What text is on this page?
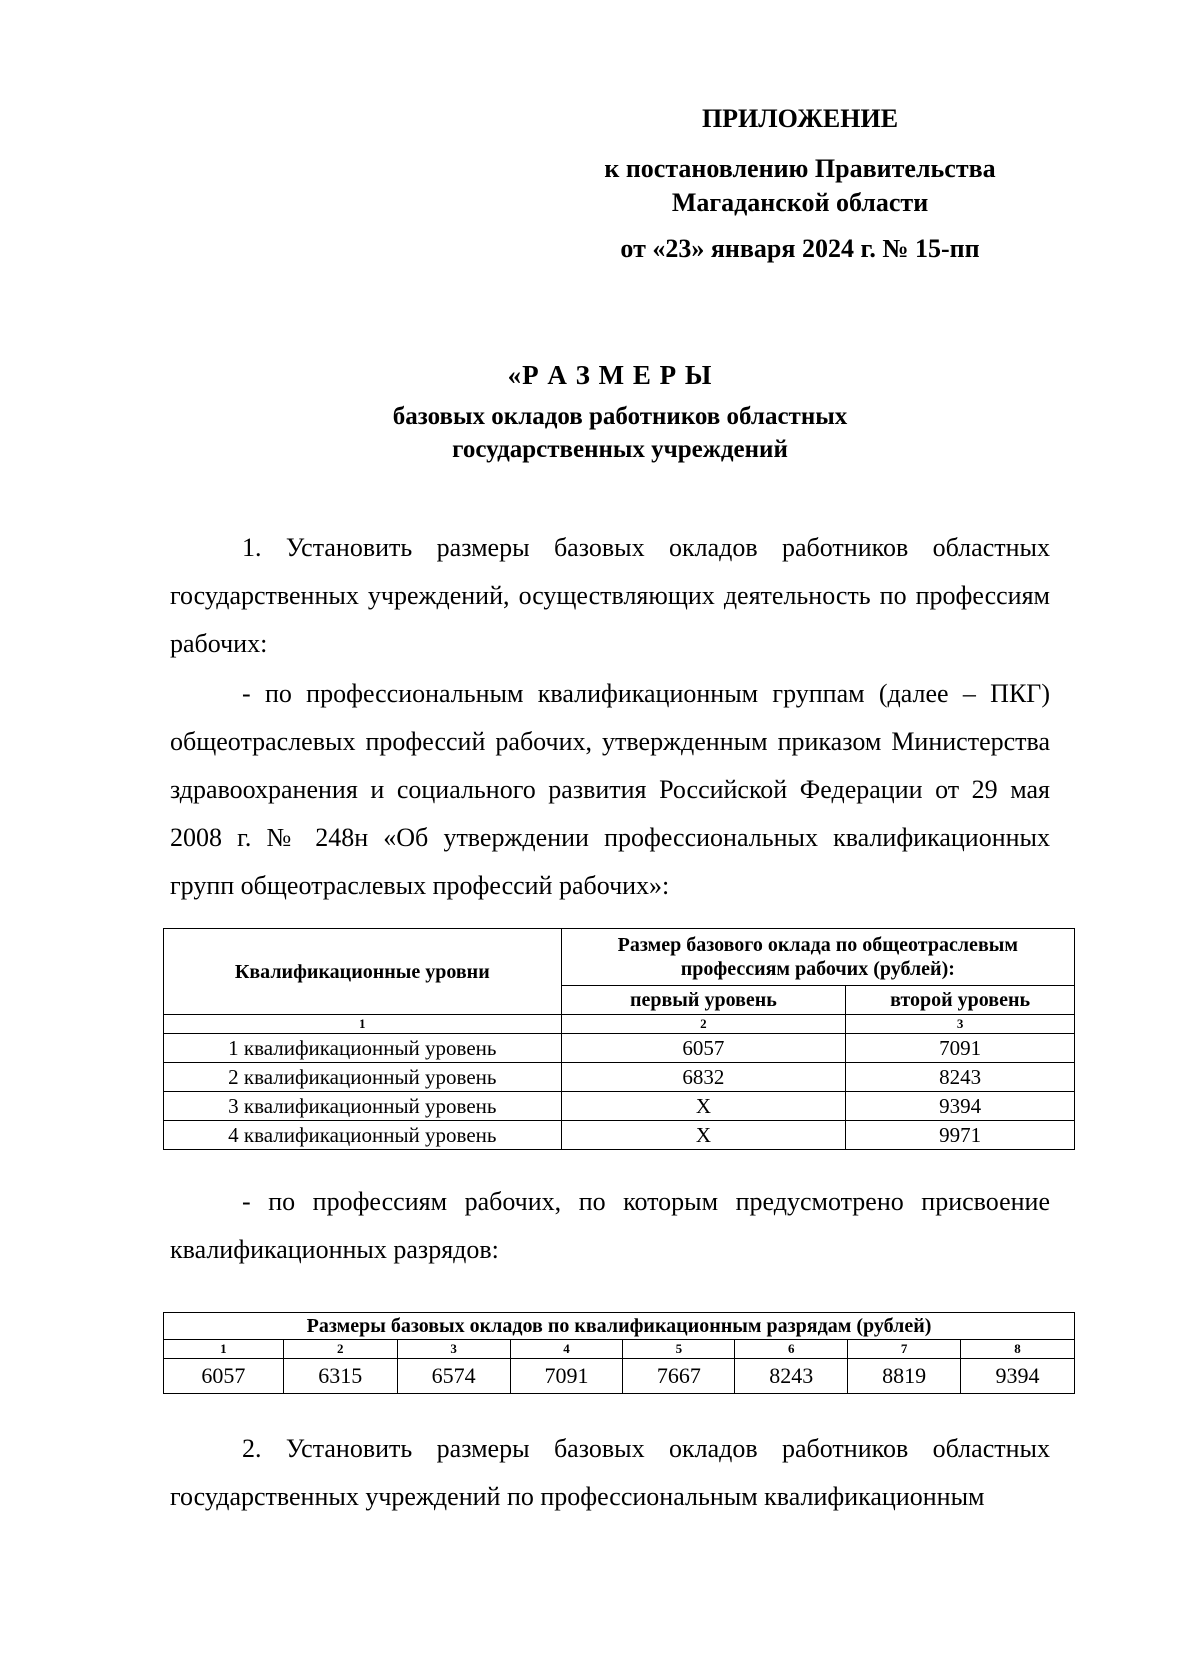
ПРИЛОЖЕНИЕ
к постановлению Правительства
Магаданской области
от «23» января 2024 г. № 15-пп
«Р А З М Е Р Ы
базовых окладов работников областных государственных учреждений

1. Установить размеры базовых окладов работников областных государственных учреждений, осуществляющих деятельность по профессиям рабочих:

- по профессиональным квалификационным группам (далее – ПКГ) общеотраслевых профессий рабочих, утвержденным приказом Министерства здравоохранения и социального развития Российской Федерации от 29 мая 2008 г. № 248н «Об утверждении профессиональных квалификационных групп общеотраслевых профессий рабочих»:

Квалификационные уровни	Размер базового оклада по общеотраслевым профессиям рабочих (рублей):	
	первый уровень	второй уровень
1	2	3
1 квалификационный уровень	6057	7091
2 квалификационный уровень	6832	8243
3 квалификационный уровень	X	9394
4 квалификационный уровень	X	9971

- по профессиям рабочих, по которым предусмотрено присвоение квалификационных разрядов:

Размеры базовых окладов по квалификационным разрядам (рублей)							
1	2	3	4	5	6	7	8
6057	6315	6574	7091	7667	8243	8819	9394

2. Установить размеры базовых окладов работников областных государственных учреждений по профессиональным квалификационным
